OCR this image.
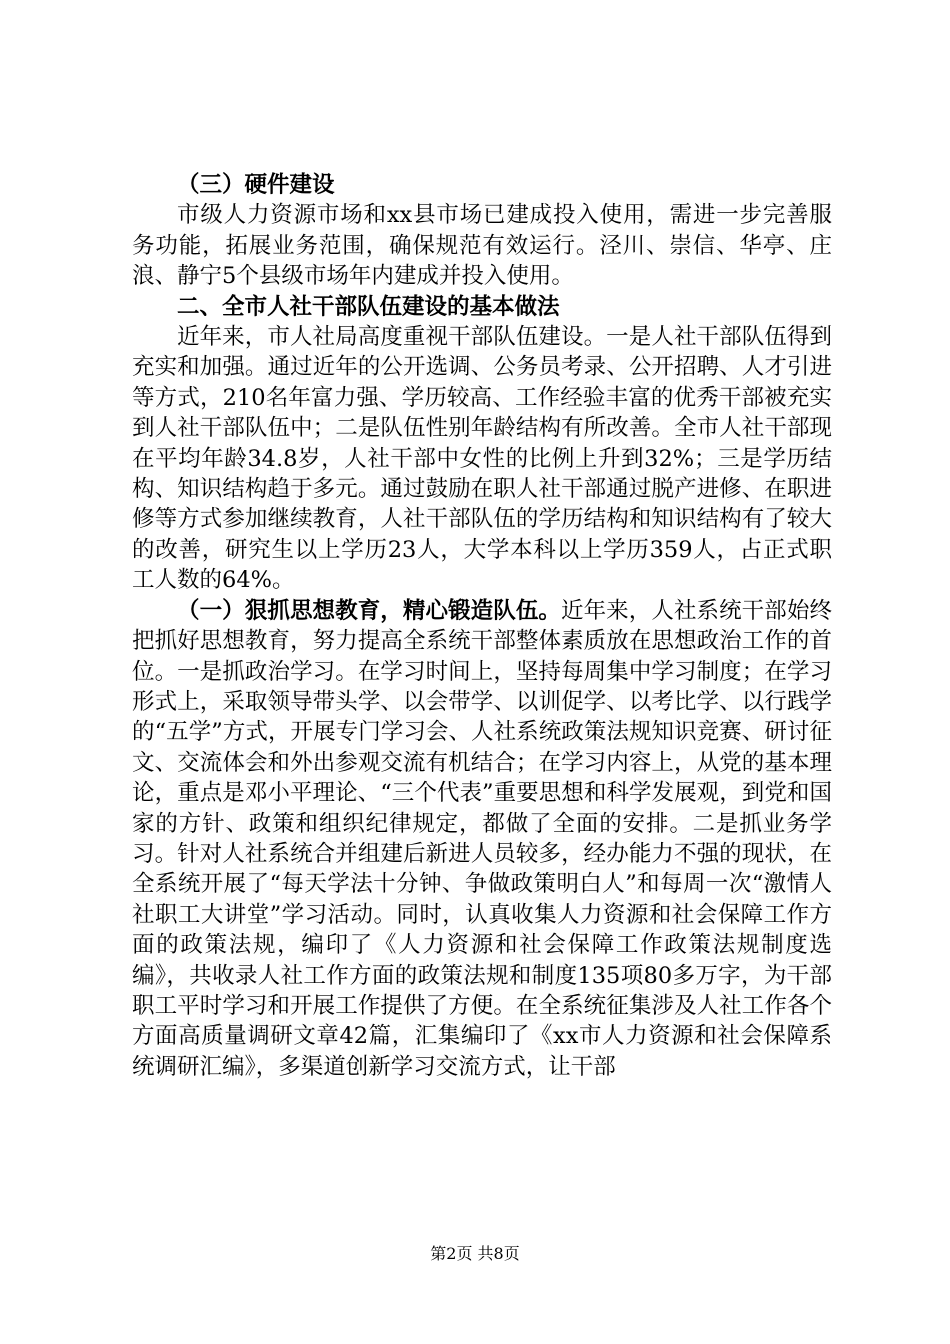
（三）硬件建设

市级人力资源市场和xx县市场已建成投入使用，需进一步完善服务功能，拓展业务范围，确保规范有效运行。泾川、崇信、华亭、庄浪、静宁5个县级市场年内建成并投入使用。

二、全市人社干部队伍建设的基本做法

近年来，市人社局高度重视干部队伍建设。一是人社干部队伍得到充实和加强。通过近年的公开选调、公务员考录、公开招聘、人才引进等方式，210名年富力强、学历较高、工作经验丰富的优秀干部被充实到人社干部队伍中；二是队伍性别年龄结构有所改善。全市人社干部现在平均年龄34.8岁，人社干部中女性的比例上升到32%；三是学历结构、知识结构趋于多元。通过鼓励在职人社干部通过脱产进修、在职进修等方式参加继续教育，人社干部队伍的学历结构和知识结构有了较大的改善，研究生以上学历23人，大学本科以上学历359人，占正式职工人数的64%。

（一）狠抓思想教育，精心锻造队伍。近年来，人社系统干部始终把抓好思想教育，努力提高全系统干部整体素质放在思想政治工作的首位。一是抓政治学习。在学习时间上，坚持每周集中学习制度；在学习形式上，采取领导带头学、以会带学、以训促学、以考比学、以行践学的“五学”方式，开展专门学习会、人社系统政策法规知识竞赛、研讨征文、交流体会和外出参观交流有机结合；在学习内容上，从党的基本理论，重点是邓小平理论、“三个代表”重要思想和科学发展观，到党和国家的方针、政策和组织纪律规定，都做了全面的安排。二是抓业务学习。针对人社系统合并组建后新进人员较多，经办能力不强的现状，在全系统开展了“每天学法十分钟、争做政策明白人”和每周一次“激情人社职工大讲堂”学习活动。同时，认真收集人力资源和社会保障工作方面的政策法规，编印了《人力资源和社会保障工作政策法规制度选编》，共收录人社工作方面的政策法规和制度135项80多万字，为干部职工平时学习和开展工作提供了方便。在全系统征集涉及人社工作各个方面高质量调研文章42篇，汇集编印了《xx市人力资源和社会保障系统调研汇编》，多渠道创新学习交流方式，让干部

第2页 共8页
